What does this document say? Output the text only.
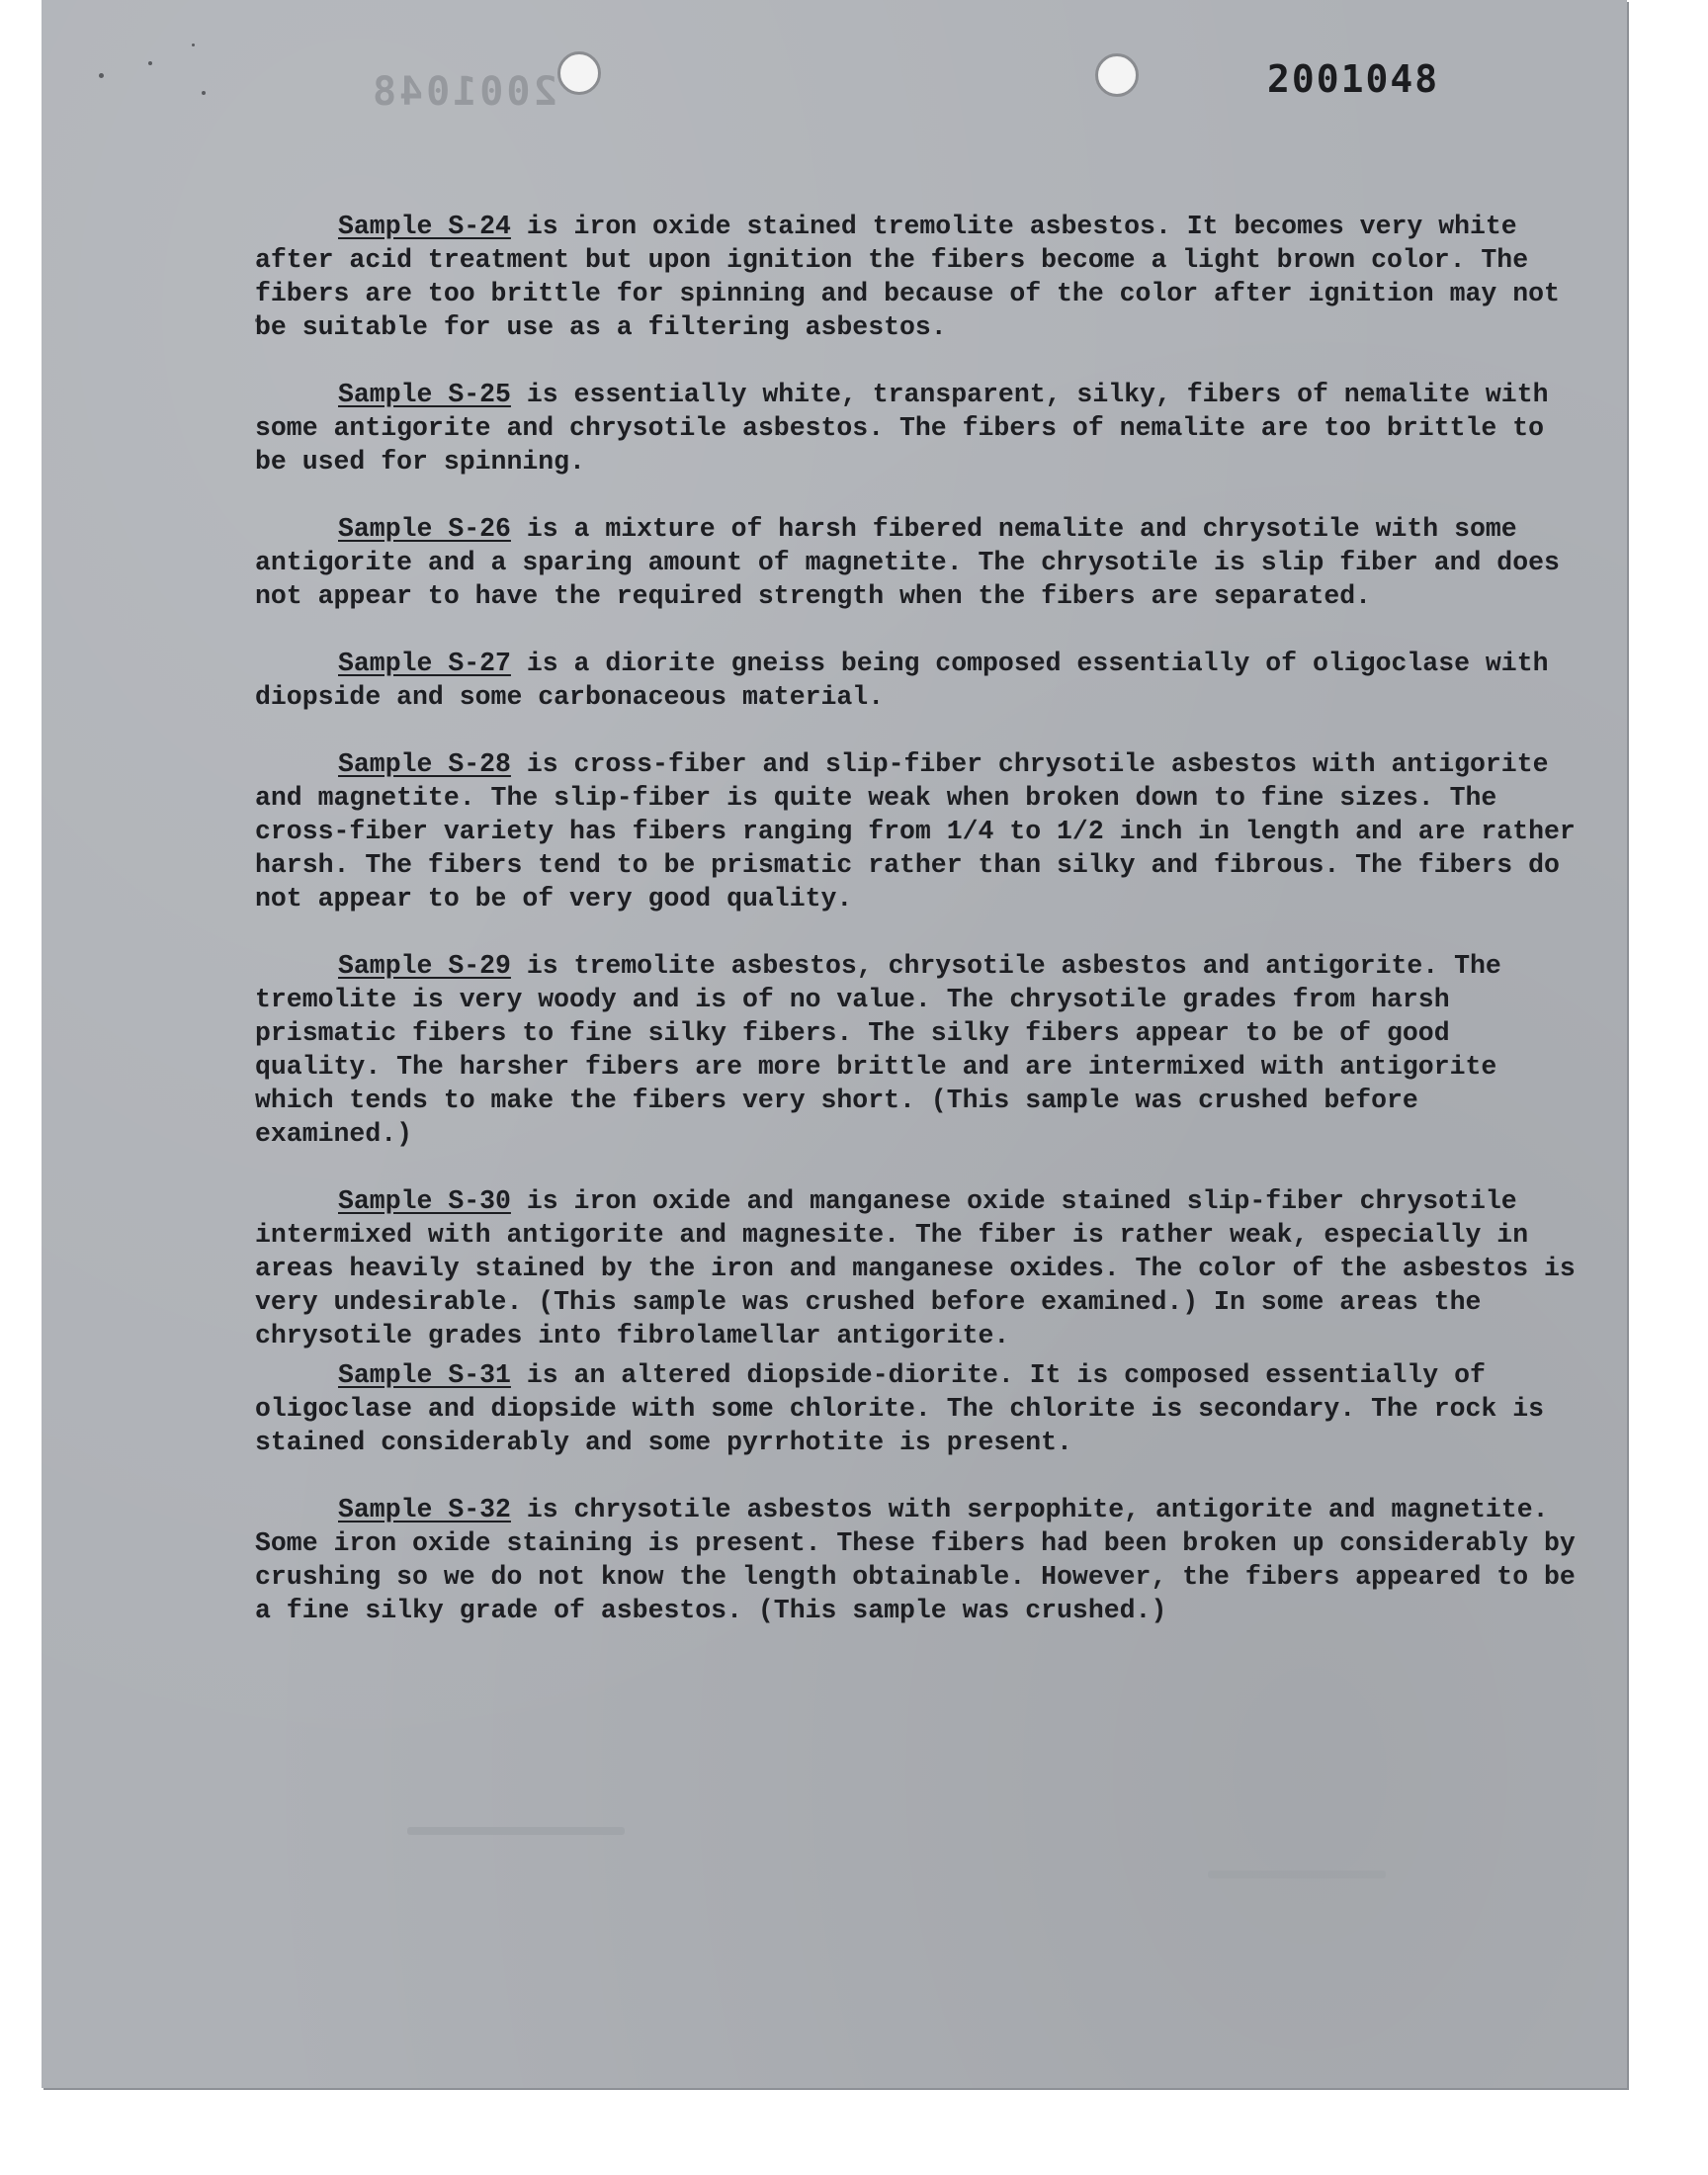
2001048	2001048

Sample S-24 is iron oxide stained tremolite asbestos. It becomes very white after acid treatment but upon ignition the fibers become a light brown color. The fibers are too brittle for spinning and because of the color after ignition may not be suitable for use as a filtering asbestos.

Sample S-25 is essentially white, transparent, silky, fibers of nemalite with some antigorite and chrysotile asbestos. The fibers of nemalite are too brittle to be used for spinning.

Sample S-26 is a mixture of harsh fibered nemalite and chrysotile with some antigorite and a sparing amount of magnetite. The chrysotile is slip fiber and does not appear to have the required strength when the fibers are separated.

Sample S-27 is a diorite gneiss being composed essentially of oligoclase with diopside and some carbonaceous material.

Sample S-28 is cross-fiber and slip-fiber chrysotile asbestos with antigorite and magnetite. The slip-fiber is quite weak when broken down to fine sizes. The cross-fiber variety has fibers ranging from 1/4 to 1/2 inch in length and are rather harsh. The fibers tend to be prismatic rather than silky and fibrous. The fibers do not appear to be of very good quality.

Sample S-29 is tremolite asbestos, chrysotile asbestos and antigorite. The tremolite is very woody and is of no value. The chrysotile grades from harsh prismatic fibers to fine silky fibers. The silky fibers appear to be of good quality. The harsher fibers are more brittle and are intermixed with antigorite which tends to make the fibers very short. (This sample was crushed before examined.)

Sample S-30 is iron oxide and manganese oxide stained slip-fiber chrysotile intermixed with antigorite and magnesite. The fiber is rather weak, especially in areas heavily stained by the iron and manganese oxides. The color of the asbestos is very undesirable. (This sample was crushed before examined.) In some areas the chrysotile grades into fibrolamellar antigorite.

Sample S-31 is an altered diopside-diorite. It is composed essentially of oligoclase and diopside with some chlorite. The chlorite is secondary. The rock is stained considerably and some pyrrhotite is present.

Sample S-32 is chrysotile asbestos with serpophite, antigorite and magnetite. Some iron oxide staining is present. These fibers had been broken up considerably by crushing so we do not know the length obtainable. However, the fibers appeared to be a fine silky grade of asbestos. (This sample was crushed.)
